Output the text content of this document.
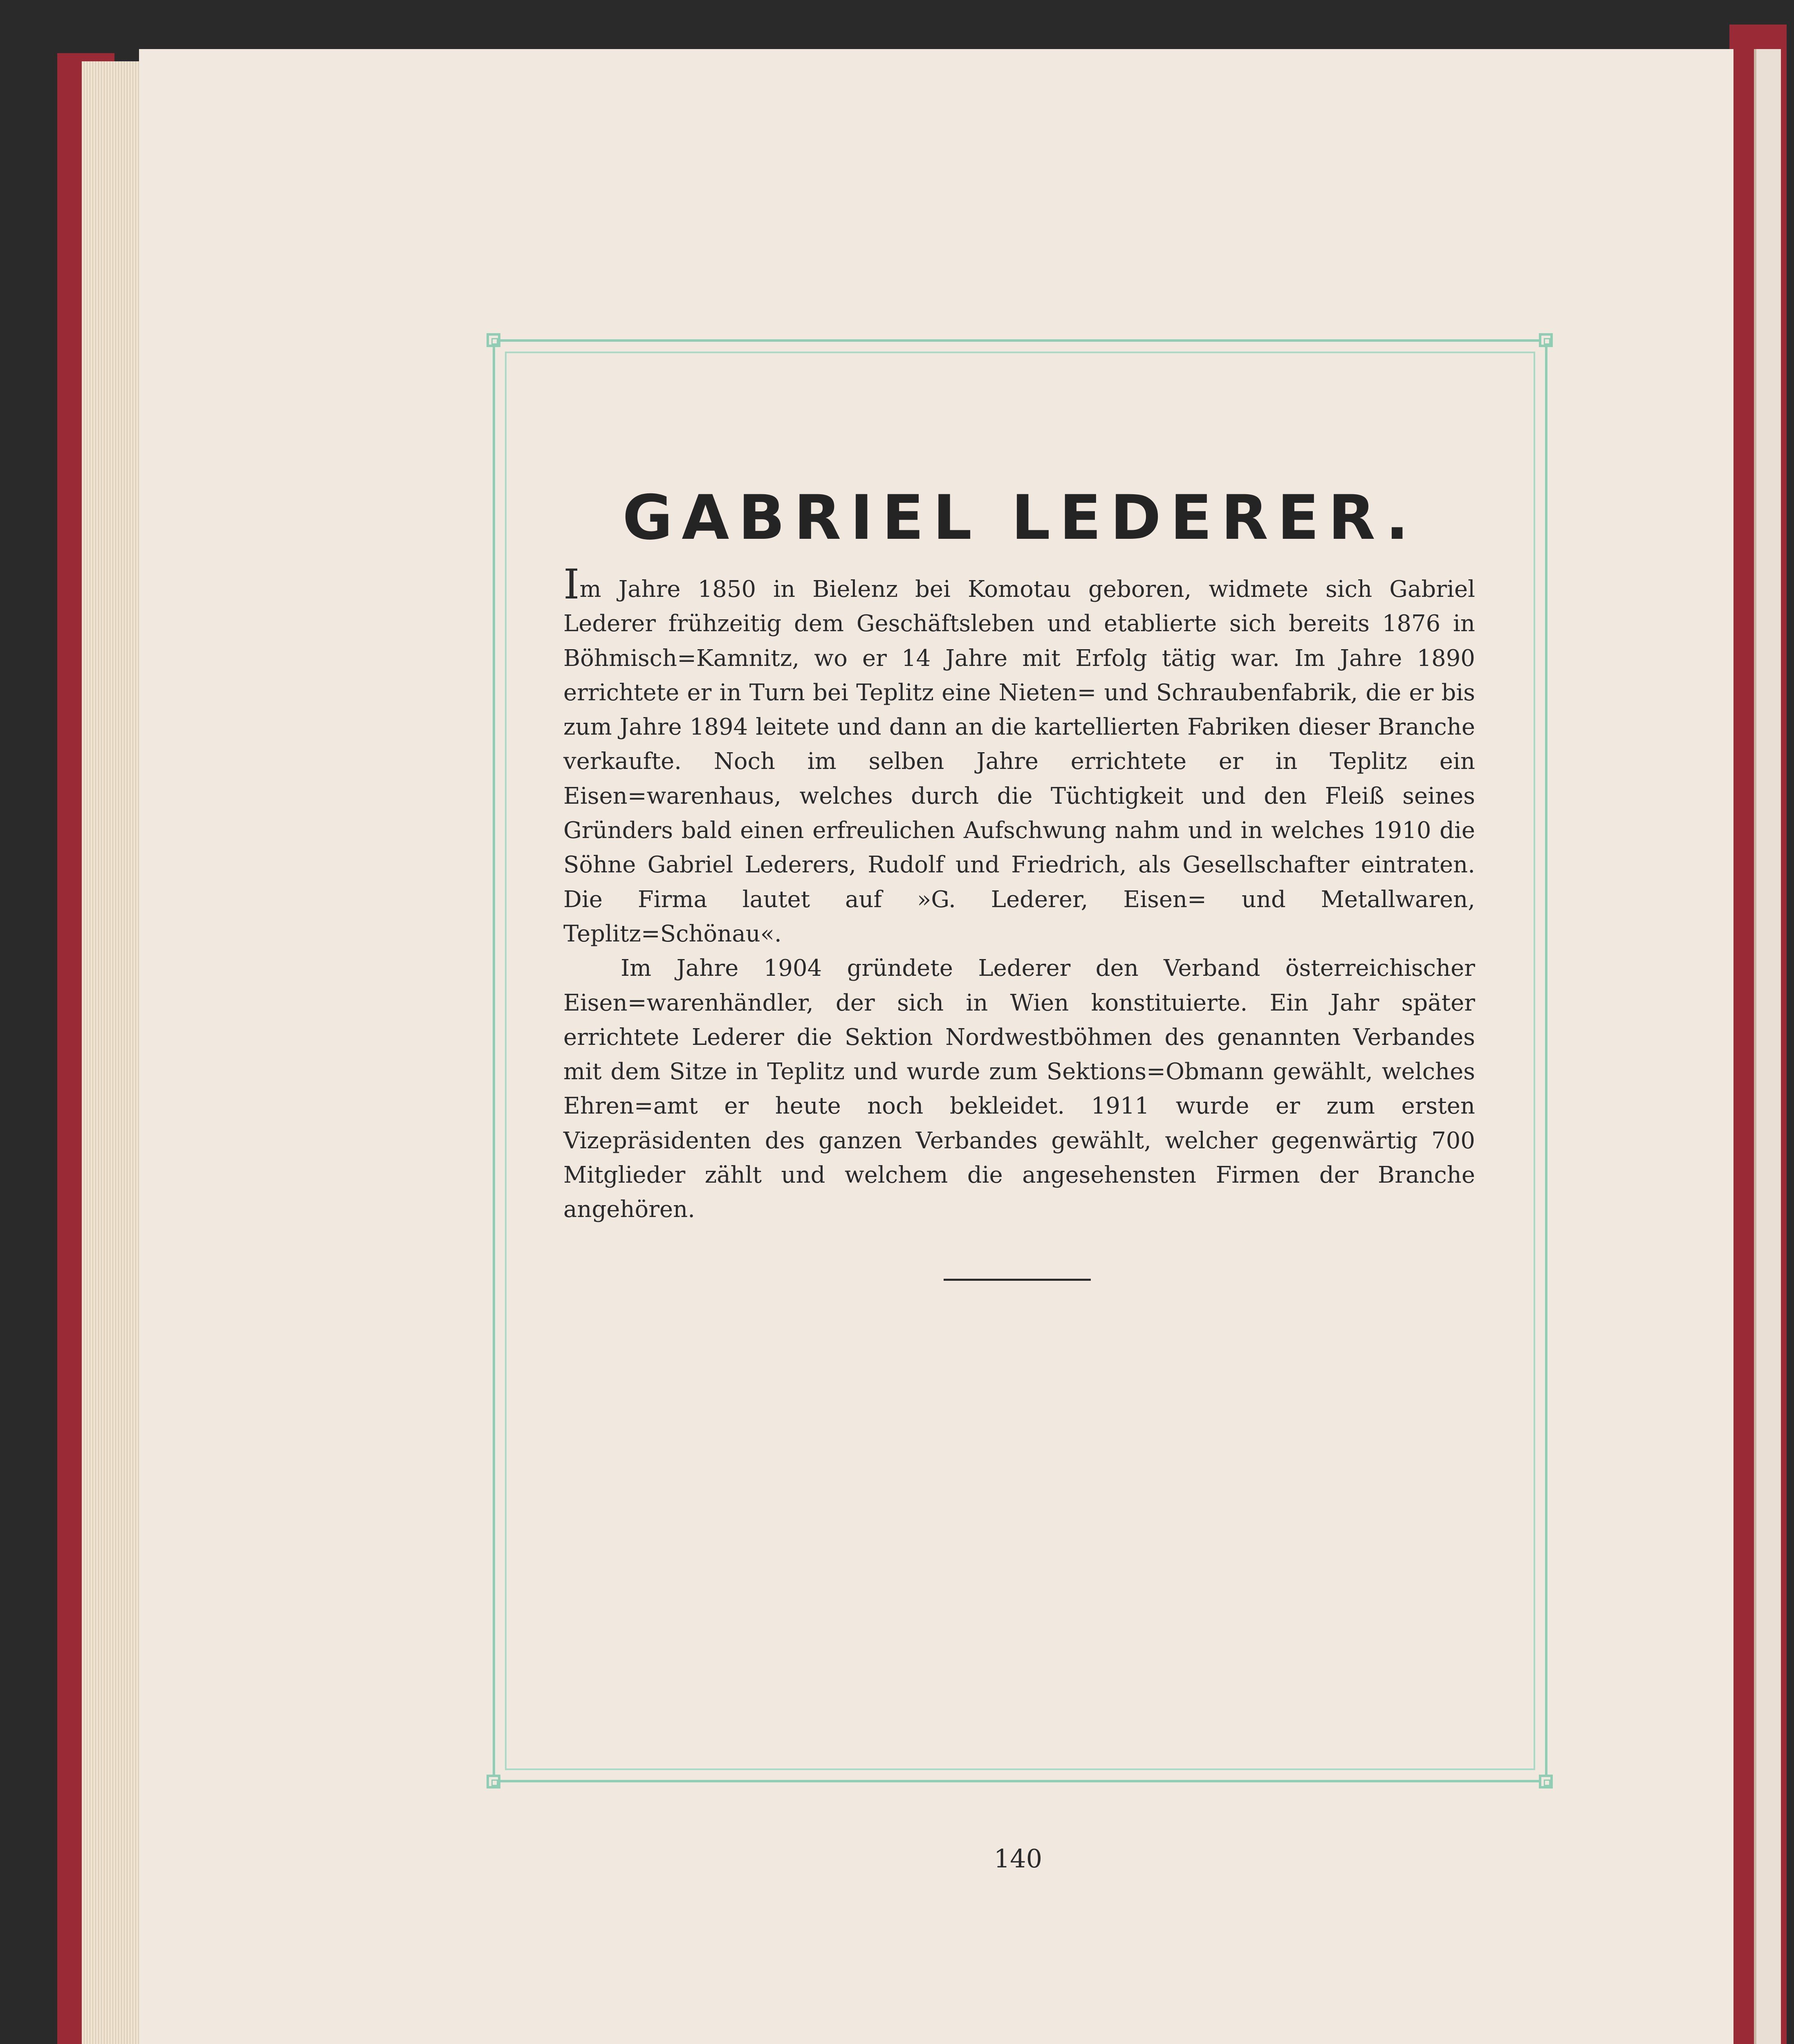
GABRIEL LEDERER.

Im Jahre 1850 in Bielenz bei Komotau geboren, widmete sich Gabriel Lederer frühzeitig dem Geschäftsleben und etablierte sich bereits 1876 in Böhmisch=Kamnitz, wo er 14 Jahre mit Erfolg tätig war. Im Jahre 1890 errichtete er in Turn bei Teplitz eine Nieten= und Schraubenfabrik, die er bis zum Jahre 1894 leitete und dann an die kartellierten Fabriken dieser Branche verkaufte. Noch im selben Jahre errichtete er in Teplitz ein Eisen=warenhaus, welches durch die Tüchtigkeit und den Fleiß seines Gründers bald einen erfreulichen Aufschwung nahm und in welches 1910 die Söhne Gabriel Lederers, Rudolf und Friedrich, als Gesellschafter eintraten. Die Firma lautet auf »G. Lederer, Eisen= und Metallwaren, Teplitz=Schönau«.

Im Jahre 1904 gründete Lederer den Verband österreichischer Eisen=warenhändler, der sich in Wien konstituierte. Ein Jahr später errichtete Lederer die Sektion Nordwestböhmen des genannten Verbandes mit dem Sitze in Teplitz und wurde zum Sektions=Obmann gewählt, welches Ehren=amt er heute noch bekleidet. 1911 wurde er zum ersten Vizepräsidenten des ganzen Verbandes gewählt, welcher gegenwärtig 700 Mitglieder zählt und welchem die angesehensten Firmen der Branche angehören.

140
